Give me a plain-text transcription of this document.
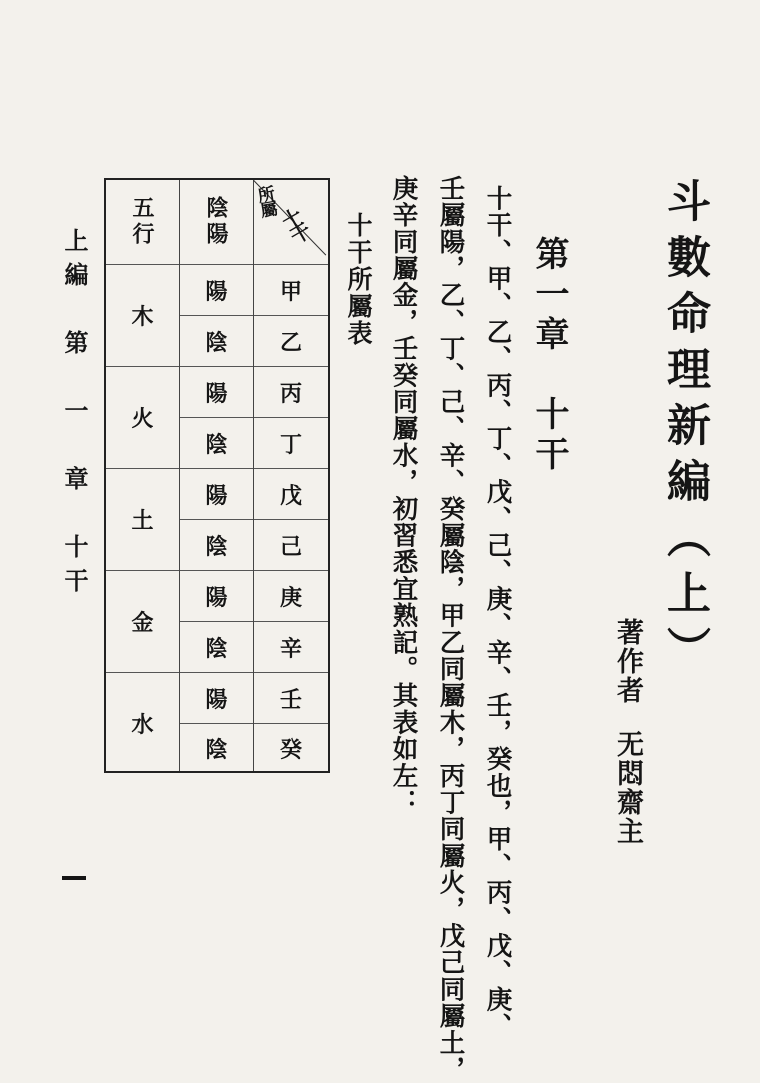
斗數命理新編（上）
著作者
无悶齋主
第一章　十干
十干、甲、乙、丙、丁、戊、己、庚、辛、壬，癸也，甲、丙、戊、庚、
壬屬陽，乙、丁、己、辛、癸屬陰，甲乙同屬木，丙丁同屬火，戊己同屬土，
庚辛同屬金，壬癸同屬水，初習悉宜熟記。其表如左：
十干所屬表
五行
木
火
土
金
水
陰陽
陽
陰
陽
陰
陽
陰
陽
陰
陽
陰
甲
乙
丙
丁
戊
己
庚
辛
壬
癸
所屬
十干
上編　第　一　章　十干
